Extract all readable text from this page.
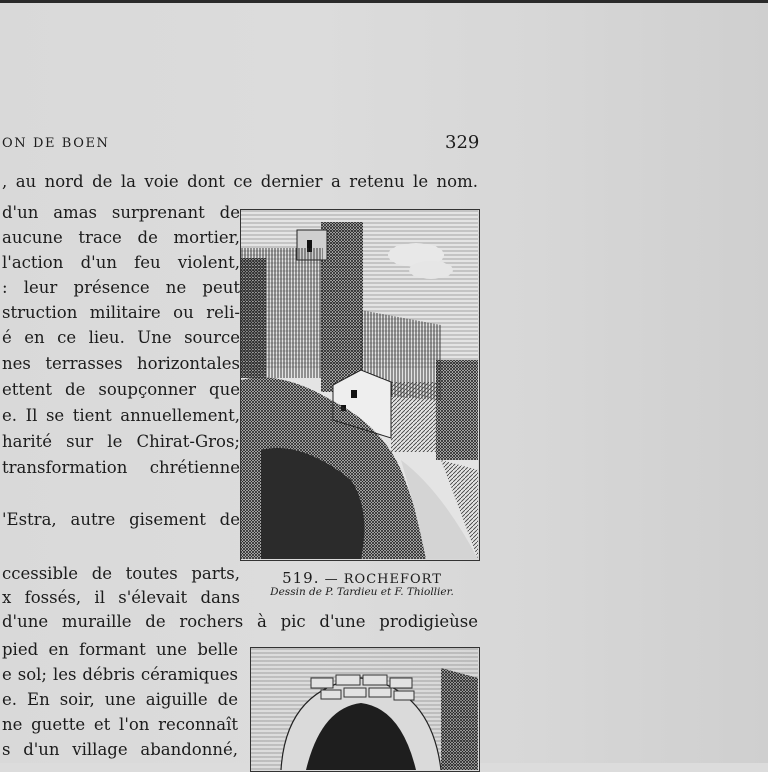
ON DE BOEN	329
, au nord de la voie dont ce dernier a retenu le nom.
d'un amas surprenant de
aucune trace de mortier,
l'action d'un feu violent,
: leur présence ne peut
struction militaire ou reli-
é en ce lieu. Une source
nes terrasses horizontales
ettent de soupçonner que
e. Il se tient annuellement,
harité sur le Chirat-Gros;
transformation chrétienne
'Estra, autre gisement de
ccessible de toutes parts,
x fossés, il s'élevait dans
d'une muraille de rochers à pic d'une prodigieùse
pied en formant une belle
e sol; les débris céramiques
e. En soir, une aiguille de
ne guette et l'on reconnaît
s d'un village abandonné,
519. — ROCHEFORT
Dessin de P. Tardieu et F. Thiollier.
